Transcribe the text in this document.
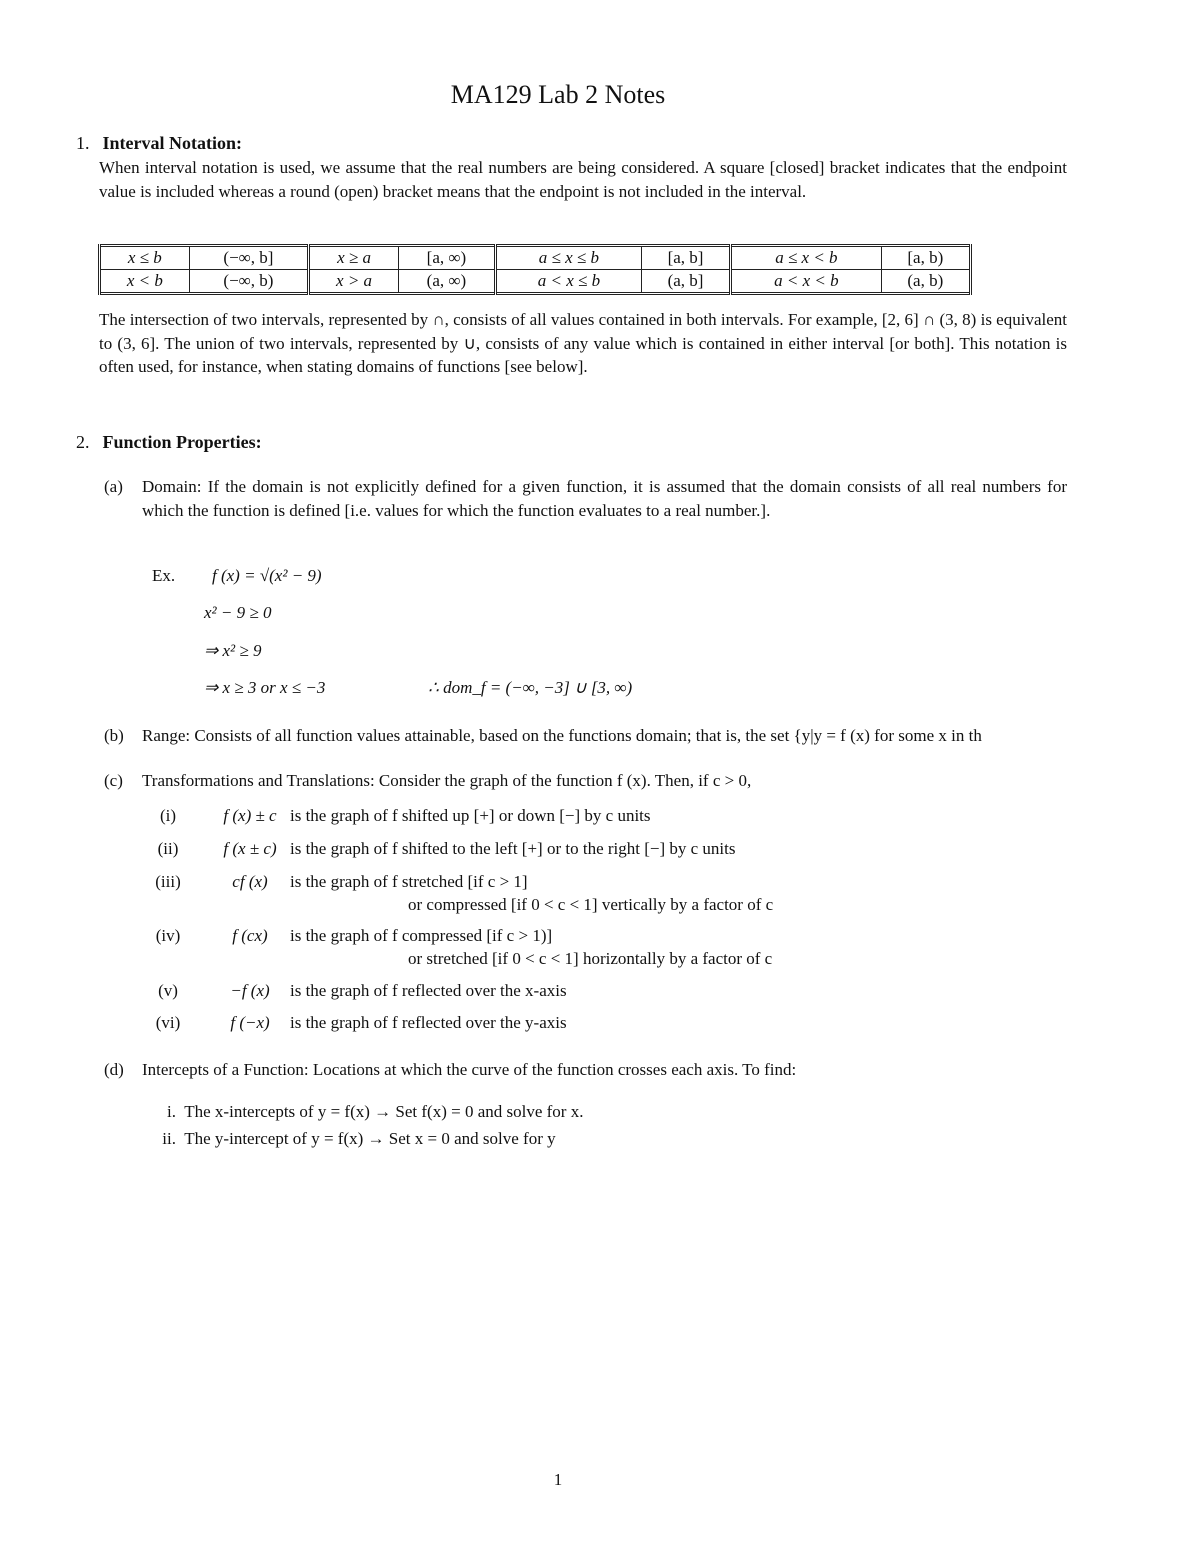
MA129 Lab 2 Notes
1. Interval Notation:
When interval notation is used, we assume that the real numbers are being considered. A square [closed] bracket indicates that the endpoint value is included whereas a round (open) bracket means that the endpoint is not included in the interval.
x ≤ b	(−∞, b]	x ≥ a	[a, ∞)	a ≤ x ≤ b	[a, b]	a ≤ x < b	[a, b)
x < b	(−∞, b)	x > a	(a, ∞)	a < x ≤ b	(a, b]	a < x < b	(a, b)
The intersection of two intervals, represented by ∩, consists of all values contained in both intervals. For example, [2, 6] ∩ (3, 8) is equivalent to (3, 6]. The union of two intervals, represented by ∪, consists of any value which is contained in either interval [or both]. This notation is often used, for instance, when stating domains of functions [see below].
2. Function Properties:
(a) Domain: If the domain is not explicitly defined for a given function, it is assumed that the domain consists of all real numbers for which the function is defined [i.e. values for which the function evaluates to a real number.].
Ex. f (x) = √(x² − 9)
x² − 9 ≥ 0
⇒ x² ≥ 9
⇒ x ≥ 3 or x ≤ −3	∴ dom_f = (−∞, −3] ∪ [3, ∞)
(b) Range: Consists of all function values attainable, based on the functions domain; that is, the set {y|y = f (x) for some x in th
(c) Transformations and Translations: Consider the graph of the function f (x). Then, if c > 0,
(i)	f (x) ± c is the graph of f shifted up [+] or down [−] by c units
(ii)	f (x ± c) is the graph of f shifted to the left [+] or to the right [−] by c units
(iii)	cf (x)	is the graph of f stretched [if c > 1]
or compressed [if 0 < c < 1] vertically by a factor of c
(iv)	f (cx)	is the graph of f compressed [if c > 1)]
or stretched [if 0 < c < 1] horizontally by a factor of c
(v)	−f (x)	is the graph of f reflected over the x-axis
(vi)	f (−x)	is the graph of f reflected over the y-axis
(d) Intercepts of a Function: Locations at which the curve of the function crosses each axis. To find:
i. The x-intercepts of y = f(x) → Set f(x) = 0 and solve for x.
ii. The y-intercept of y = f(x) → Set x = 0 and solve for y
1
